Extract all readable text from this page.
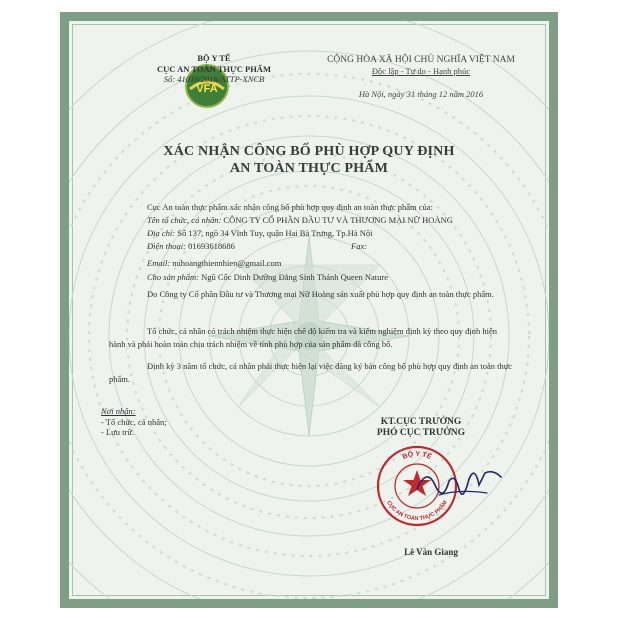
VFA
BỘ Y TẾ
CỤC AN TOÀN THỰC PHẨM
Số: 41010/2016/ATTP-XNCB
CỘNG HÒA XÃ HỘI CHỦ NGHĨA VIỆT NAM
Độc lập - Tự do - Hạnh phúc
Hà Nội, ngày 31 tháng 12 năm 2016
XÁC NHẬN CÔNG BỐ PHÙ HỢP QUY ĐỊNH
AN TOÀN THỰC PHẨM
Cục An toàn thực phẩm xác nhận công bố phù hợp quy định an toàn thực phẩm của:
Tên tổ chức, cá nhân: CÔNG TY CỔ PHẦN ĐẦU TƯ VÀ THƯƠNG MẠI NỮ HOÀNG
Địa chỉ: Số 137, ngõ 34 Vĩnh Tuy, quận Hai Bà Trưng, Tp.Hà Nội
Điện thoại: 01693618686	Fax:
Email: nuhoangthiennhien@gmail.com
Cho sản phẩm: Ngũ Cốc Dinh Dưỡng Đẳng Sinh Thánh Queen Nature
Do Công ty Cổ phần Đầu tư và Thương mại Nữ Hoàng sản xuất phù hợp quy định an toàn thực phẩm.
Tổ chức, cá nhân có trách nhiệm thực hiện chế độ kiểm tra và kiểm nghiệm định kỳ theo quy định hiện hành và phải hoàn toàn chịu trách nhiệm về tính phù hợp của sản phẩm đã công bố.
Định kỳ 3 năm tổ chức, cá nhân phải thực hiện lại việc đăng ký bản công bố phù hợp quy định an toàn thực phẩm.
Nơi nhận:
- Tổ chức, cá nhân;
- Lưu trữ.
KT.CỤC TRƯỞNG
PHÓ CỤC TRƯỞNG
BỘ Y TẾ
CỤC AN TOÀN THỰC PHẨM
Lê Văn Giang
